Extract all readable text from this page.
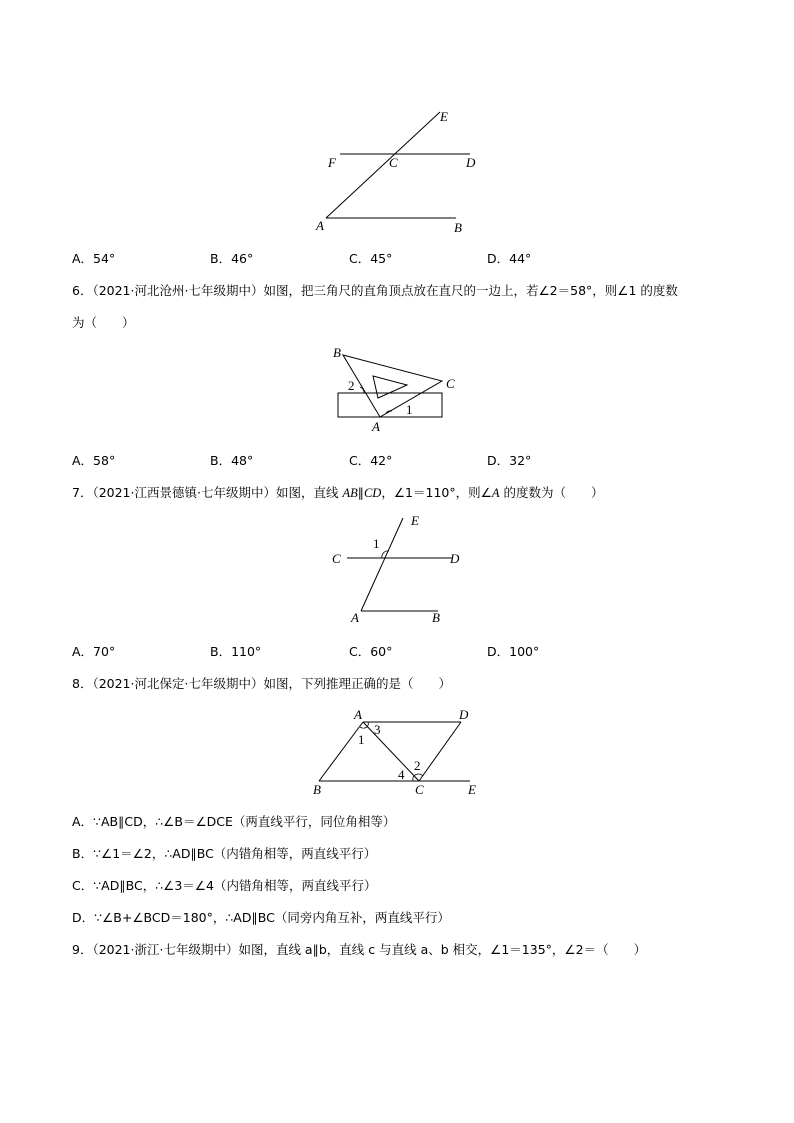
E
F	C	D
A	B
A．54°	B．46°	C．45°	D．44°
6．（2021·河北沧州·七年级期中）如图，把三角尺的直角顶点放在直尺的一边上，若∠2＝58°，则∠1 的度数
为（　　）
B
C
A
2
1
A．58°	B．48°	C．42°	D．32°
7．（2021·江西景德镇·七年级期中）如图，直线 AB∥CD，∠1＝110°，则∠A 的度数为（　　）
E
C	D
A	B
1
A．70°	B．110°	C．60°	D．100°
8．（2021·河北保定·七年级期中）如图，下列推理正确的是（　　）
A	D
B	C	E
3
1
4
2
A．∵AB∥CD，∴∠B＝∠DCE（两直线平行，同位角相等）
B．∵∠1＝∠2，∴AD∥BC（内错角相等，两直线平行）
C．∵AD∥BC，∴∠3＝∠4（内错角相等，两直线平行）
D．∵∠B+∠BCD＝180°，∴AD∥BC（同旁内角互补，两直线平行）
9．（2021·浙江·七年级期中）如图，直线 a∥b，直线 c 与直线 a、b 相交，∠1＝135°，∠2＝（　　）
